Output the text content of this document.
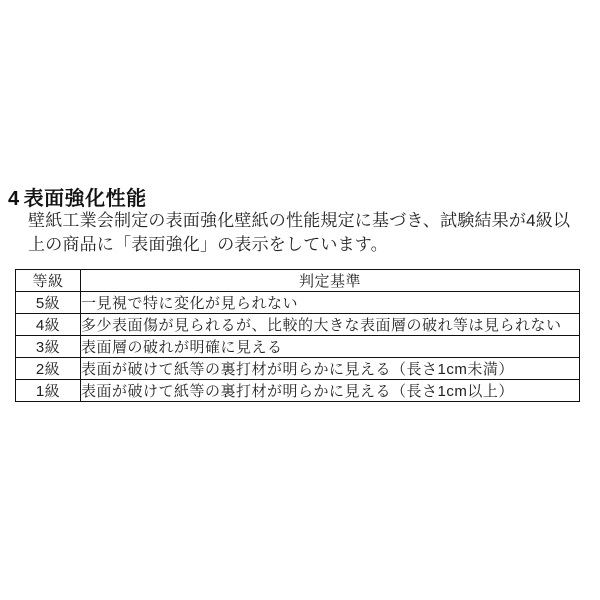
4 表面強化性能

壁紙工業会制定の表面強化壁紙の性能規定に基づき、試験結果が4級以
上の商品に「表面強化」の表示をしています。

等級	判定基準
5級	一見視で特に変化が見られない
4級	多少表面傷が見られるが、比較的大きな表面層の破れ等は見られない
3級	表面層の破れが明確に見える
2級	表面が破けて紙等の裏打材が明らかに見える（長さ1cm未満）
1級	表面が破けて紙等の裏打材が明らかに見える（長さ1cm以上）
